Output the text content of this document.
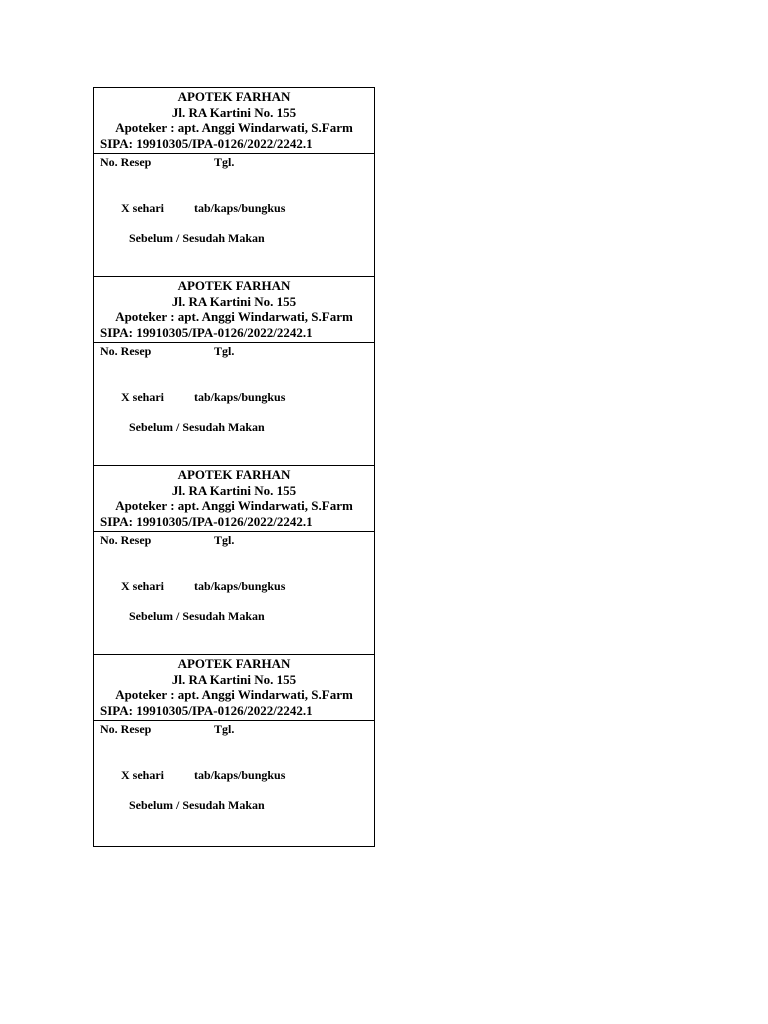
APOTEK FARHAN
Jl. RA Kartini No. 155
Apoteker : apt. Anggi Windarwati, S.Farm
SIPA: 19910305/IPA-0126/2022/2242.1
No. Resep	Tgl.
X sehari	tab/kaps/bungkus
Sebelum / Sesudah Makan
APOTEK FARHAN
Jl. RA Kartini No. 155
Apoteker : apt. Anggi Windarwati, S.Farm
SIPA: 19910305/IPA-0126/2022/2242.1
No. Resep	Tgl.
X sehari	tab/kaps/bungkus
Sebelum / Sesudah Makan
APOTEK FARHAN
Jl. RA Kartini No. 155
Apoteker : apt. Anggi Windarwati, S.Farm
SIPA: 19910305/IPA-0126/2022/2242.1
No. Resep	Tgl.
X sehari	tab/kaps/bungkus
Sebelum / Sesudah Makan
APOTEK FARHAN
Jl. RA Kartini No. 155
Apoteker : apt. Anggi Windarwati, S.Farm
SIPA: 19910305/IPA-0126/2022/2242.1
No. Resep	Tgl.
X sehari	tab/kaps/bungkus
Sebelum / Sesudah Makan
